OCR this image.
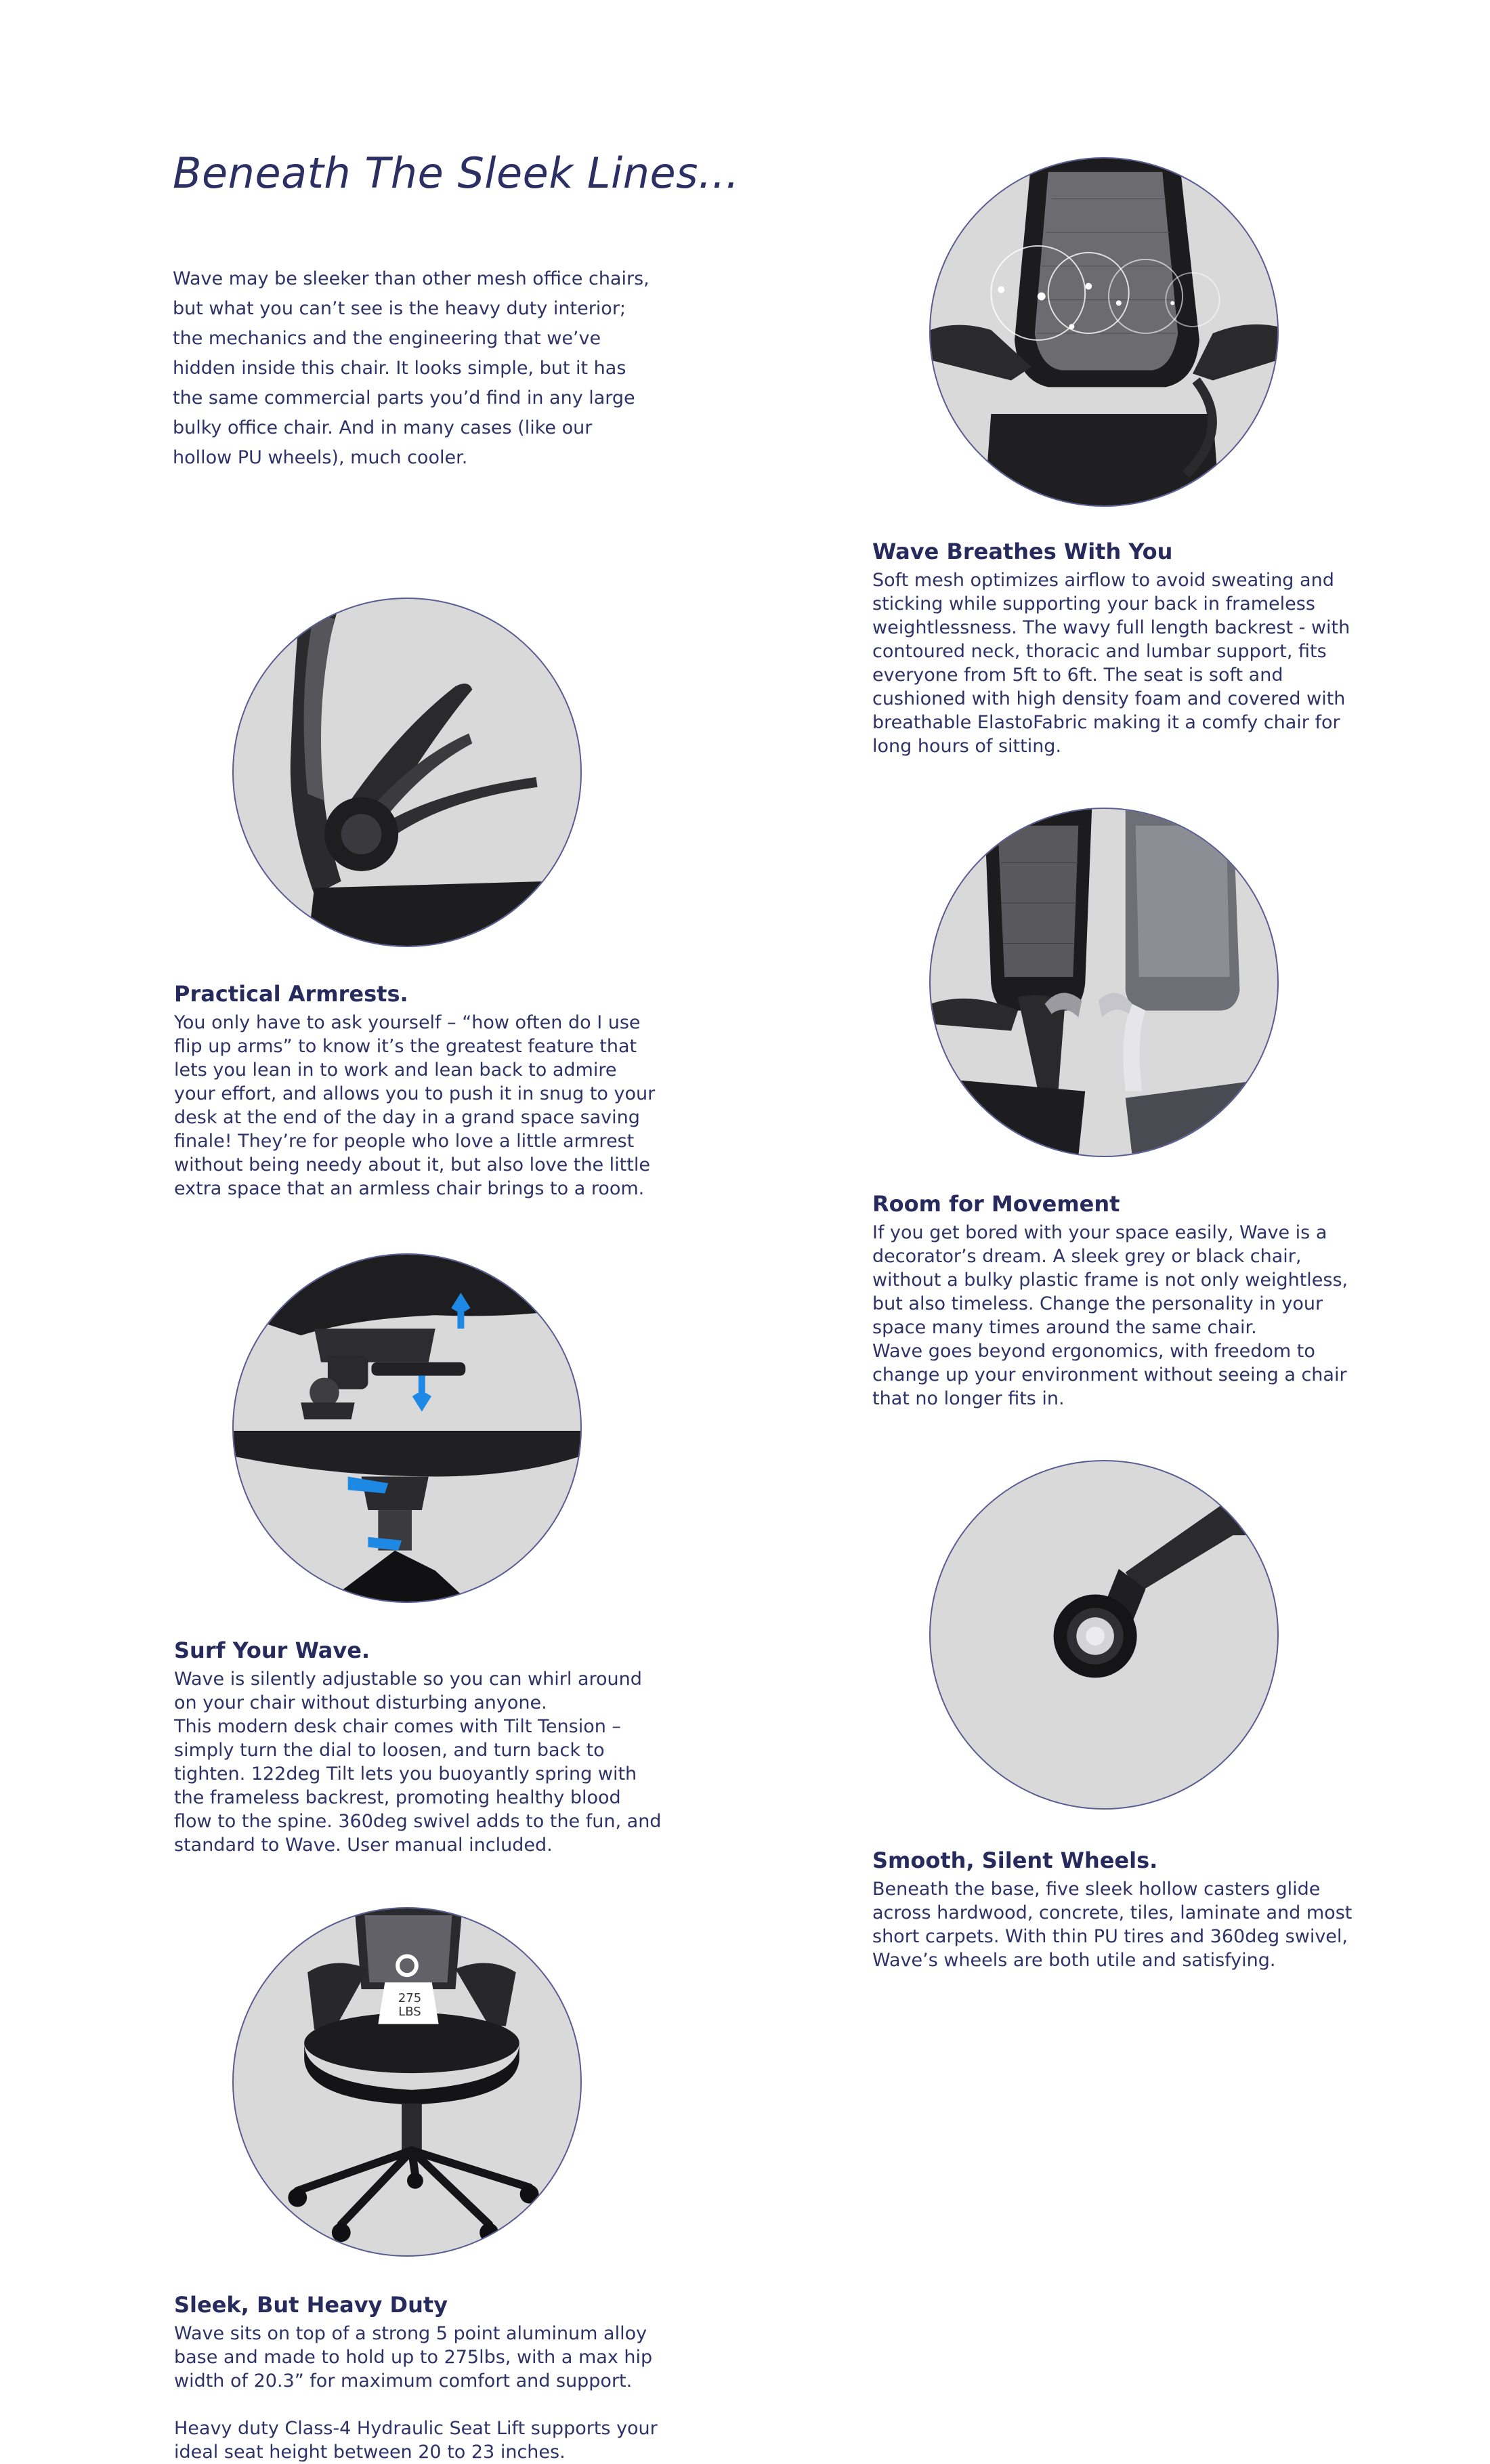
Beneath The Sleek Lines...

Wave may be sleeker than other mesh office chairs, but what you can’t see is the heavy duty interior; the mechanics and the engineering that we’ve hidden inside this chair. It looks simple, but it has the same commercial parts you’d find in any large bulky office chair. And in many cases (like our hollow PU wheels), much cooler.

Wave Breathes With You

Soft mesh optimizes airflow to avoid sweating and sticking while supporting your back in frameless weightlessness. The wavy full length backrest - with contoured neck, thoracic and lumbar support, fits everyone from 5ft to 6ft. The seat is soft and cushioned with high density foam and covered with breathable ElastoFabric making it a comfy chair for long hours of sitting.

Practical Armrests.

You only have to ask yourself – “how often do I use flip up arms” to know it’s the greatest feature that lets you lean in to work and lean back to admire your effort, and allows you to push it in snug to your desk at the end of the day in a grand space saving finale! They’re for people who love a little armrest without being needy about it, but also love the little extra space that an armless chair brings to a room.

Room for Movement

If you get bored with your space easily, Wave is a decorator’s dream. A sleek grey or black chair, without a bulky plastic frame is not only weightless, but also timeless. Change the personality in your space many times around the same chair.

Wave goes beyond ergonomics, with freedom to change up your environment without seeing a chair that no longer fits in.

Surf Your Wave.

Wave is silently adjustable so you can whirl around on your chair without disturbing anyone.

This modern desk chair comes with Tilt Tension – simply turn the dial to loosen, and turn back to tighten. 122deg Tilt lets you buoyantly spring with the frameless backrest, promoting healthy blood flow to the spine. 360deg swivel adds to the fun, and standard to Wave. User manual included.

Smooth, Silent Wheels.

Beneath the base, five sleek hollow casters glide across hardwood, concrete, tiles, laminate and most short carpets. With thin PU tires and 360deg swivel, Wave’s wheels are both utile and satisfying.

275
LBS
Sleek, But Heavy Duty

Wave sits on top of a strong 5 point aluminum alloy base and made to hold up to 275lbs, with a max hip width of 20.3” for maximum comfort and support.

Heavy duty Class-4 Hydraulic Seat Lift supports your ideal seat height between 20 to 23 inches.
